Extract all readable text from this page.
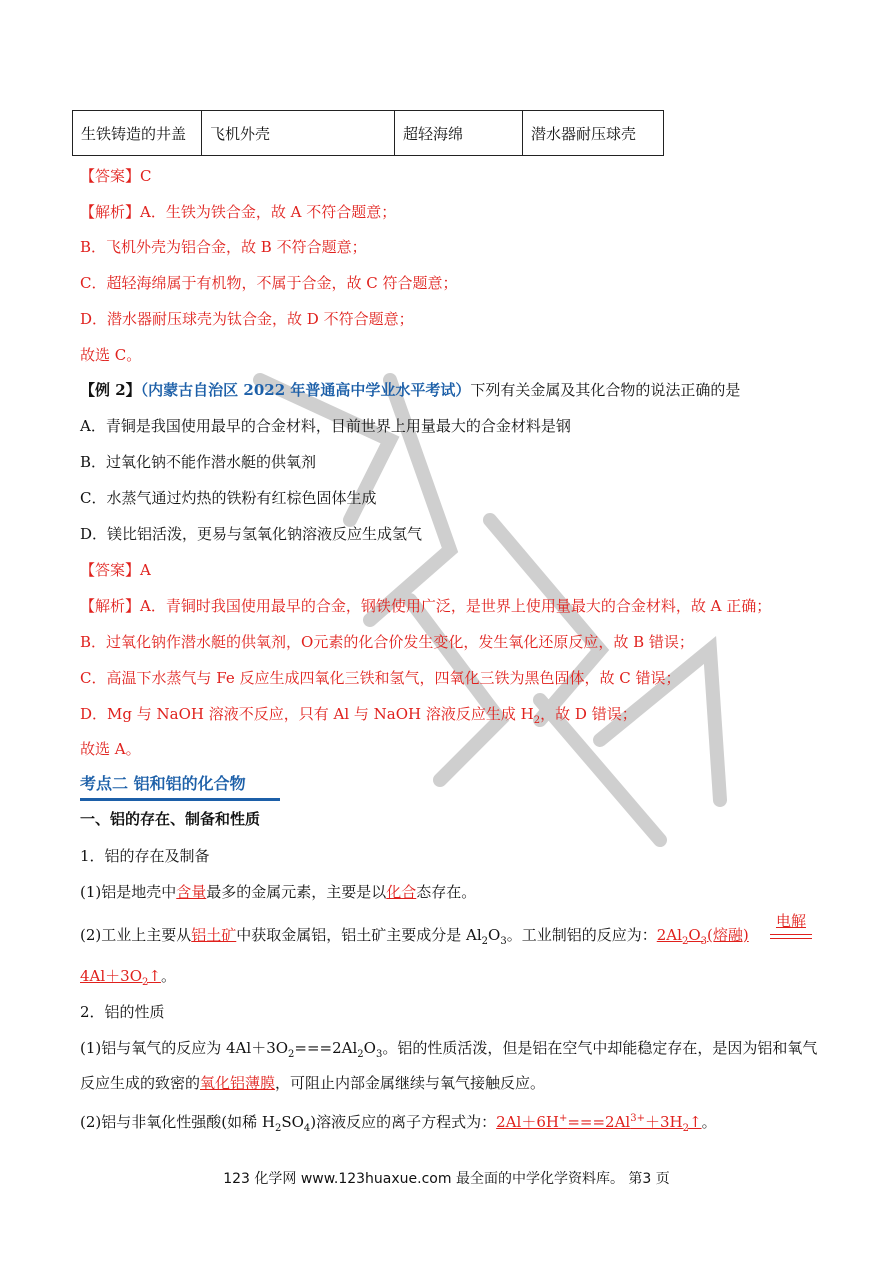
生铁铸造的井盖	飞机外壳	超轻海绵	潜水器耐压球壳
【答案】C
【解析】A．生铁为铁合金，故 A 不符合题意；
B．飞机外壳为铝合金，故 B 不符合题意；
C．超轻海绵属于有机物，不属于合金，故 C 符合题意；
D．潜水器耐压球壳为钛合金，故 D 不符合题意；
故选 C。
【例 2】（内蒙古自治区 2022 年普通高中学业水平考试）下列有关金属及其化合物的说法正确的是
A．青铜是我国使用最早的合金材料，目前世界上用量最大的合金材料是钢
B．过氧化钠不能作潜水艇的供氧剂
C．水蒸气通过灼热的铁粉有红棕色固体生成
D．镁比铝活泼，更易与氢氧化钠溶液反应生成氢气
【答案】A
【解析】A．青铜时我国使用最早的合金，钢铁使用广泛，是世界上使用量最大的合金材料，故 A 正确；
B．过氧化钠作潜水艇的供氧剂，O元素的化合价发生变化，发生氧化还原反应，故 B 错误；
C．高温下水蒸气与 Fe 反应生成四氧化三铁和氢气，四氧化三铁为黑色固体，故 C 错误；
D．Mg 与 NaOH 溶液不反应，只有 Al 与 NaOH 溶液反应生成 $H_2$，故 D 错误；
故选 A。
考点二 铝和铝的化合物
一、铝的存在、制备和性质
1．铝的存在及制备
(1)铝是地壳中含量最多的金属元素，主要是以化合态存在。
(2)工业上主要从铝土矿中获取金属铝，铝土矿主要成分是 $Al_2O_3$。工业制铝的反应为：$2Al_2O_3$(熔融)
电解
$4Al+3O_2↑$。
2．铝的性质
(1)铝与氧气的反应为 $4Al+3O_2===2Al_2O_3$。铝的性质活泼，但是铝在空气中却能稳定存在，是因为铝和氧气
反应生成的致密的氧化铝薄膜，可阻止内部金属继续与氧气接触反应。
(2)铝与非氧化性强酸(如稀 $H_2SO_4$)溶液反应的离子方程式为：$2Al+6H^+===2Al^{3+}+3H_2↑$。
123 化学网 www.123huaxue.com 最全面的中学化学资料库。 第3 页
